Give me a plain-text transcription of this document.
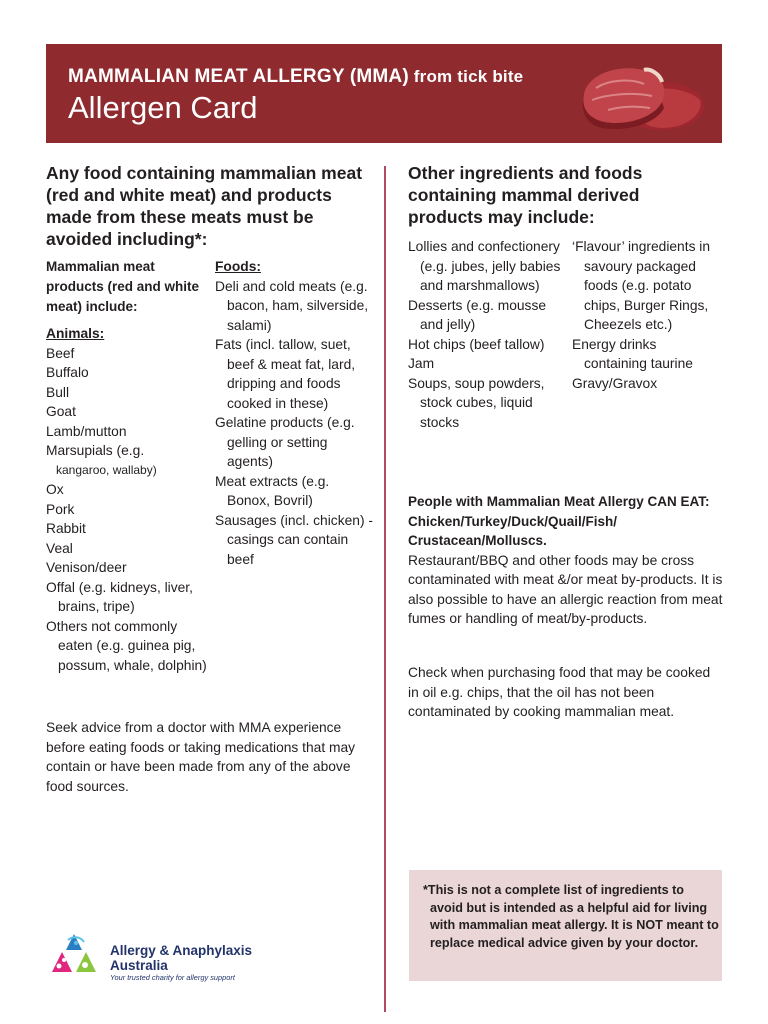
MAMMALIAN MEAT ALLERGY (MMA) from tick bite
Allergen Card
Any food containing mammalian meat (red and white meat) and products made from these meats must be avoided including*:
Mammalian meat products (red and white meat) include:
Animals:
Beef
Buffalo
Bull
Goat
Lamb/mutton
Marsupials (e.g.
kangaroo, wallaby)
Ox
Pork
Rabbit
Veal
Venison/deer

Offal (e.g. kidneys, liver, brains, tripe)

Others not commonly eaten (e.g. guinea pig, possum, whale, dolphin)

Foods:

Deli and cold meats (e.g. bacon, ham, silverside, salami)

Fats (incl. tallow, suet, beef & meat fat, lard, dripping and foods cooked in these)

Gelatine products (e.g. gelling or setting agents)

Meat extracts (e.g. Bonox, Bovril)

Sausages (incl. chicken) - casings can contain beef

Seek advice from a doctor with MMA experience before eating foods or taking medications that may contain or have been made from any of the above food sources.
Other ingredients and foods containing mammal derived products may include:

Lollies and confectionery (e.g. jubes, jelly babies and marshmallows)

Desserts (e.g. mousse and jelly)

Hot chips (beef tallow)

Jam

Soups, soup powders, stock cubes, liquid stocks

‘Flavour’ ingredients in savoury packaged foods (e.g. potato chips, Burger Rings, Cheezels etc.)

Energy drinks containing taurine

Gravy/Gravox

People with Mammalian Meat Allergy CAN EAT: Chicken/Turkey/Duck/Quail/Fish/ Crustacean/Molluscs.
Restaurant/BBQ and other foods may be cross contaminated with meat &/or meat by-products. It is also possible to have an allergic reaction from meat fumes or handling of meat/by-products.
Check when purchasing food that may be cooked in oil e.g. chips, that the oil has not been contaminated by cooking mammalian meat.
*This is not a complete list of ingredients to avoid but is intended as a helpful aid for living with mammalian meat allergy. It is NOT meant to replace medical advice given by your doctor.
Allergy & Anaphylaxis
Australia
Your trusted charity for allergy support
